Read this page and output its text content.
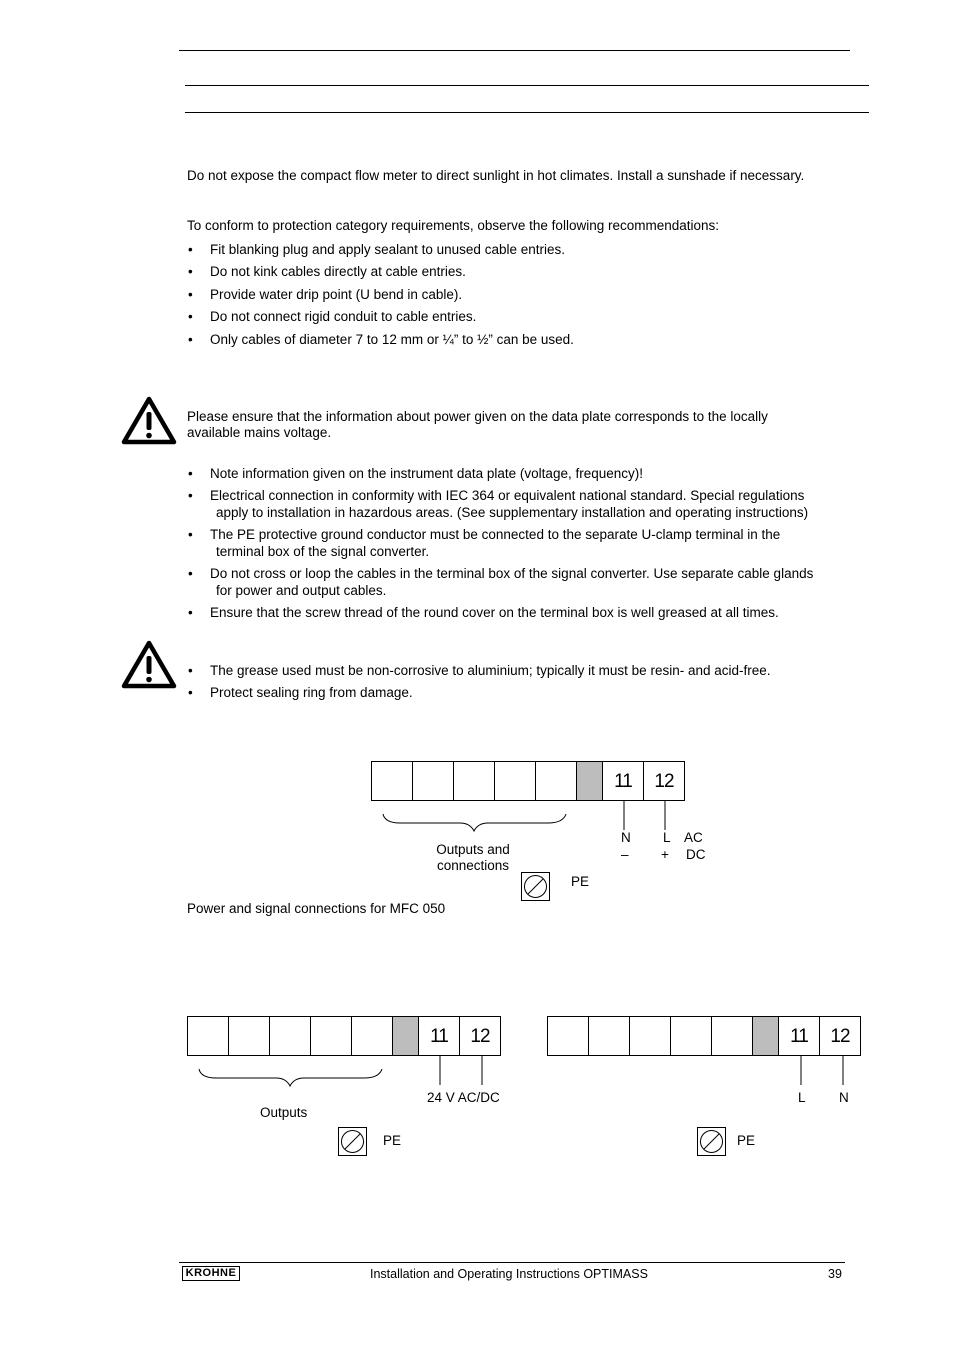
Do not expose the compact flow meter to direct sunlight in hot climates. Install a sunshade if necessary.
To conform to protection category requirements, observe the following recommendations:
• Fit blanking plug and apply sealant to unused cable entries.
• Do not kink cables directly at cable entries.
• Provide water drip point (U bend in cable).
• Do not connect rigid conduit to cable entries.
• Only cables of diameter 7 to 12 mm or ¼” to ½” can be used.
Please ensure that the information about power given on the data plate corresponds to the locally
available mains voltage.
• Note information given on the instrument data plate (voltage, frequency)!
• Electrical connection in conformity with IEC 364 or equivalent national standard. Special regulations
apply to installation in hazardous areas. (See supplementary installation and operating instructions)
• The PE protective ground conductor must be connected to the separate U-clamp terminal in the
terminal box of the signal converter.
• Do not cross or loop the cables in the terminal box of the signal converter. Use separate cable glands
for power and output cables.
• Ensure that the screw thread of the round cover on the terminal box is well greased at all times.
• The grease used must be non-corrosive to aluminium; typically it must be resin- and acid-free.
• Protect sealing ring from damage.
11	12
Outputs and
connections
N
–
L
+
AC
DC
PE
Power and signal connections for MFC 050
11	12
Outputs
24 V AC/DC
PE
11	12
L N
PE
KROHNE	Installation and Operating Instructions OPTIMASS	39
